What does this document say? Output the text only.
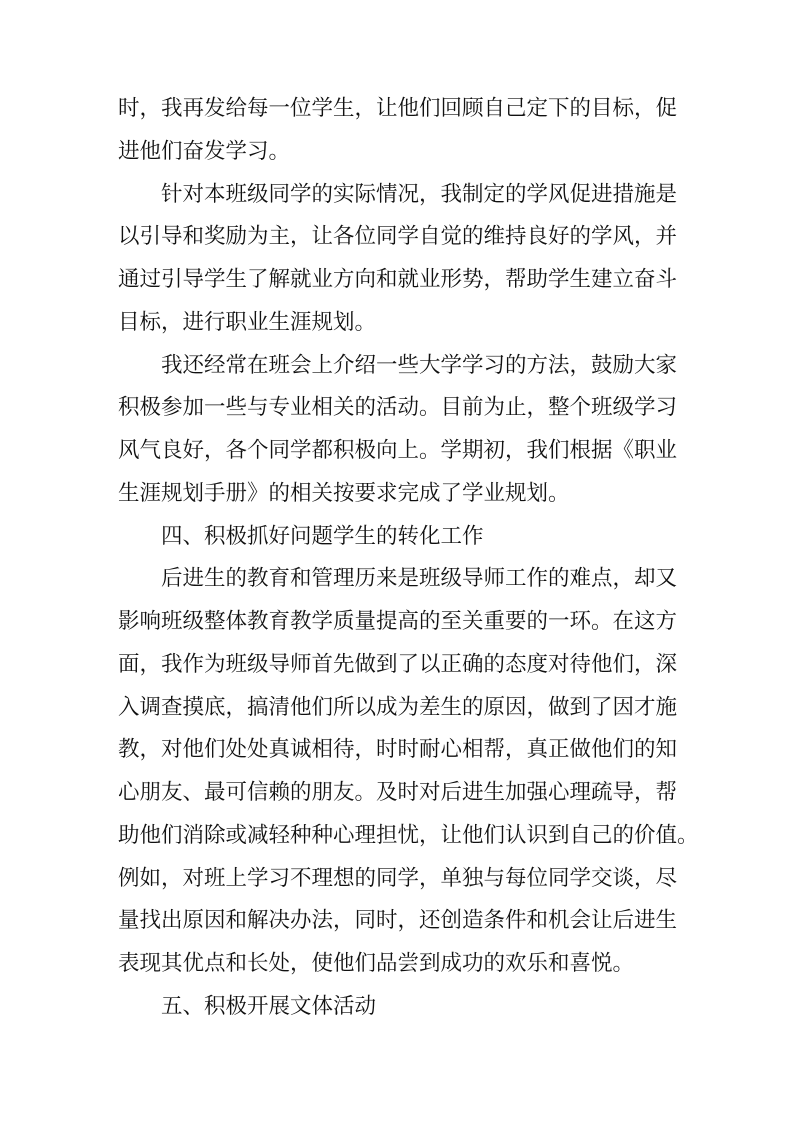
时，我再发给每一位学生，让他们回顾自己定下的目标，促
进他们奋发学习。
针对本班级同学的实际情况，我制定的学风促进措施是
以引导和奖励为主，让各位同学自觉的维持良好的学风，并
通过引导学生了解就业方向和就业形势，帮助学生建立奋斗
目标，进行职业生涯规划。
我还经常在班会上介绍一些大学学习的方法，鼓励大家
积极参加一些与专业相关的活动。目前为止，整个班级学习
风气良好，各个同学都积极向上。学期初，我们根据《职业
生涯规划手册》的相关按要求完成了学业规划。
四、积极抓好问题学生的转化工作
后进生的教育和管理历来是班级导师工作的难点，却又
影响班级整体教育教学质量提高的至关重要的一环。在这方
面，我作为班级导师首先做到了以正确的态度对待他们，深
入调查摸底，搞清他们所以成为差生的原因，做到了因才施
教，对他们处处真诚相待，时时耐心相帮，真正做他们的知
心朋友、最可信赖的朋友。及时对后进生加强心理疏导，帮
助他们消除或减轻种种心理担忧，让他们认识到自己的价值。
例如，对班上学习不理想的同学，单独与每位同学交谈，尽
量找出原因和解决办法，同时，还创造条件和机会让后进生
表现其优点和长处，使他们品尝到成功的欢乐和喜悦。
五、积极开展文体活动
